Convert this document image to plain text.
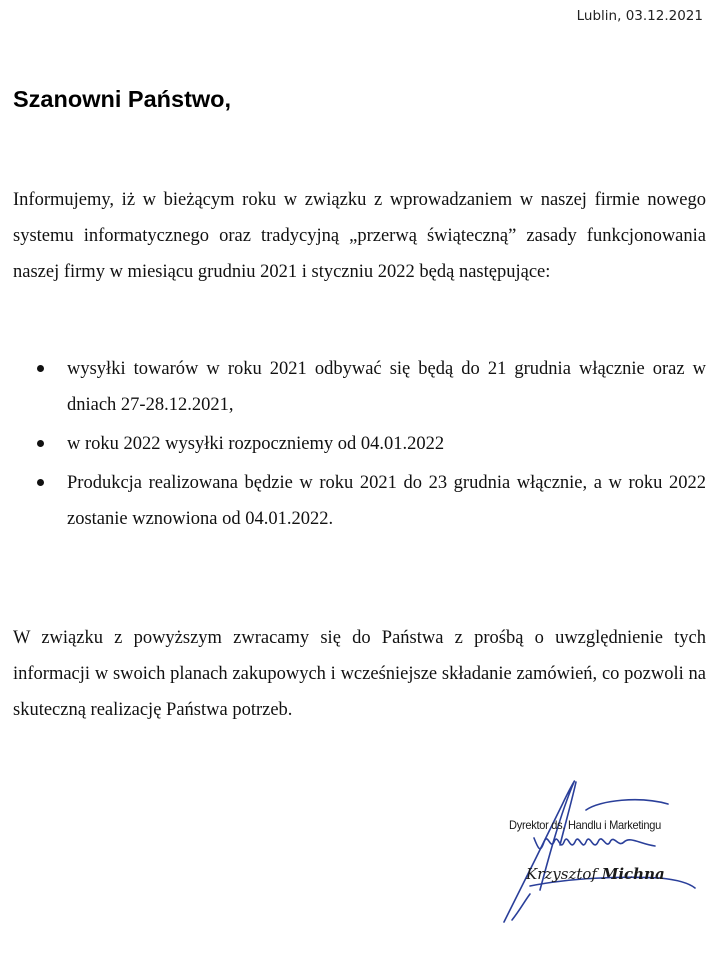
Lublin, 03.12.2021
Szanowni Państwo,

Informujemy, iż w bieżącym roku w związku z wprowadzaniem w naszej firmie nowego systemu informatycznego oraz tradycyjną „przerwą świąteczną” zasady funkcjonowania naszej firmy w miesiącu grudniu 2021 i styczniu 2022 będą następujące:

wysyłki towarów w roku 2021 odbywać się będą do 21 grudnia włącznie oraz w dniach 27-28.12.2021,
w roku 2022 wysyłki rozpoczniemy od 04.01.2022
Produkcja realizowana będzie w roku 2021 do 23 grudnia włącznie, a w roku 2022 zostanie wznowiona od 04.01.2022.

W związku z powyższym zwracamy się do Państwa z prośbą o uwzględnienie tych informacji w swoich planach zakupowych i wcześniejsze składanie zamówień, co pozwoli na skuteczną realizację Państwa potrzeb.

Dyrektor ds. Handlu i Marketingu
Krzysztof Michna
